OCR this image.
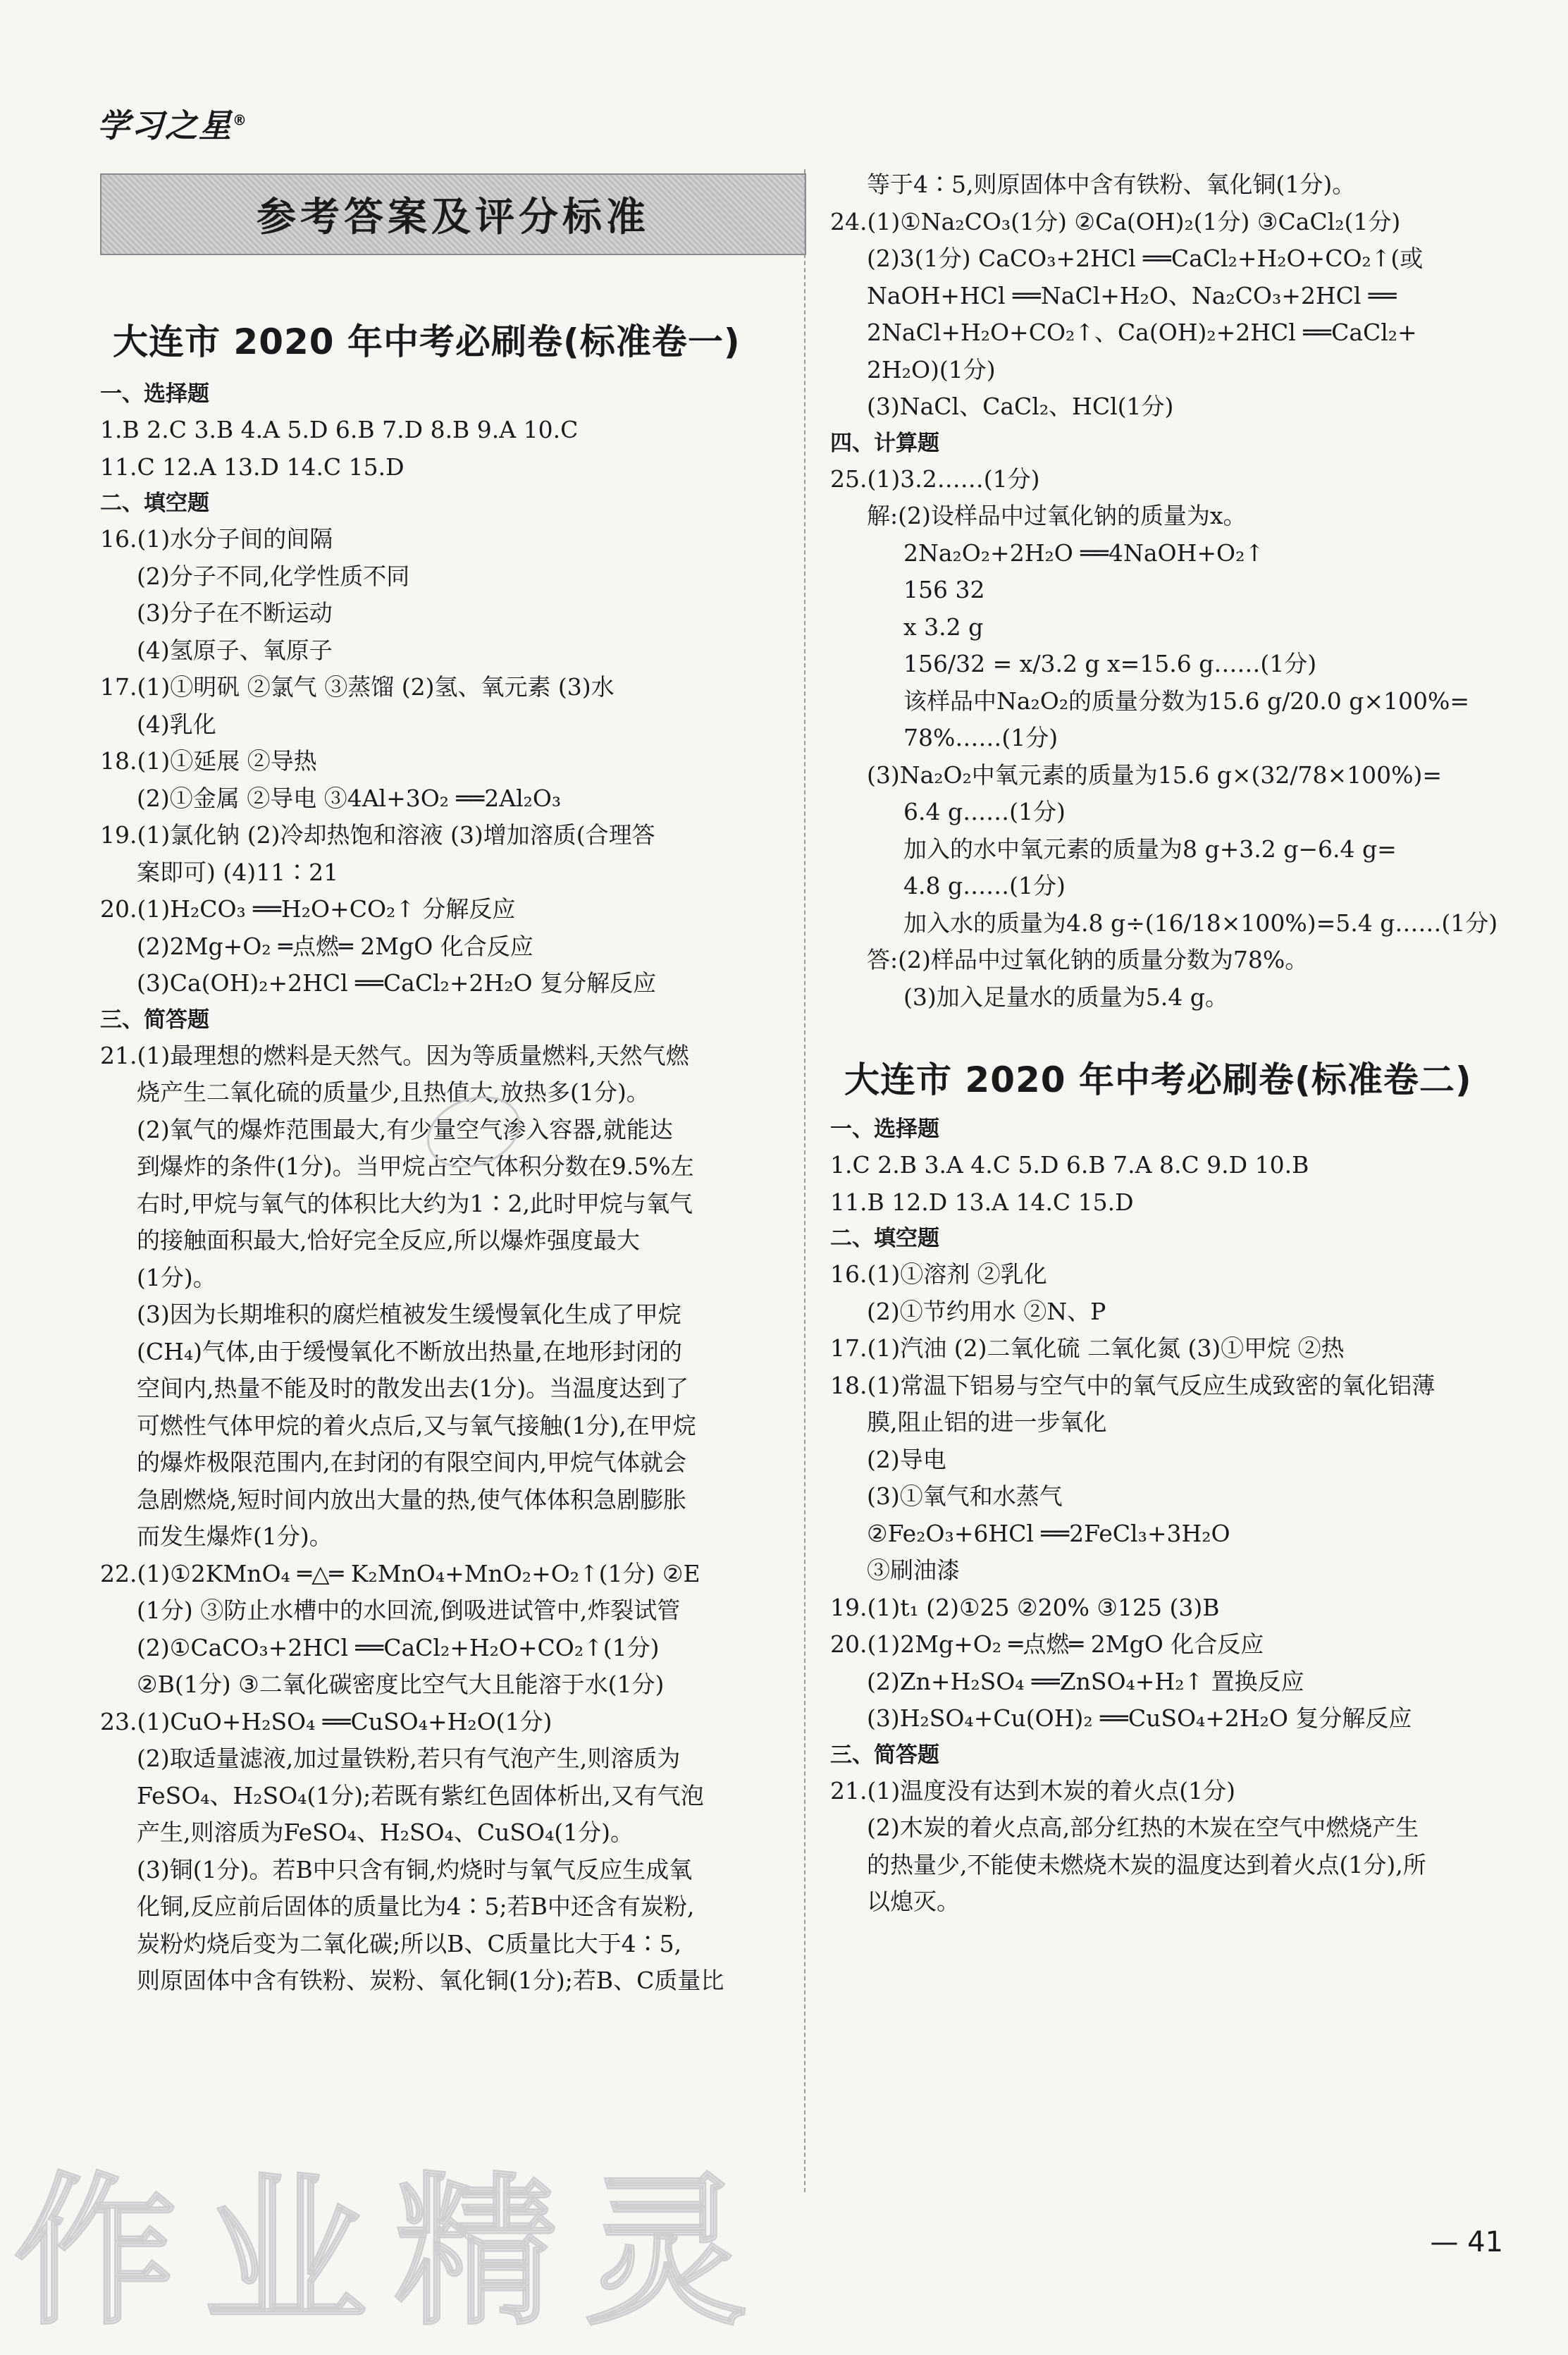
学习之星®
参考答案及评分标准
大连市 2020 年中考必刷卷(标准卷一)
一、选择题
1.B 2.C 3.B 4.A 5.D 6.B 7.D 8.B 9.A 10.C
11.C 12.A 13.D 14.C 15.D
二、填空题
16.(1)水分子间的间隔
(2)分子不同,化学性质不同
(3)分子在不断运动
(4)氢原子、氧原子
17.(1)①明矾 ②氯气 ③蒸馏 (2)氢、氧元素 (3)水
(4)乳化
18.(1)①延展 ②导热
(2)①金属 ②导电 ③4Al+3O₂ ══2Al₂O₃
19.(1)氯化钠 (2)冷却热饱和溶液 (3)增加溶质(合理答
案即可) (4)11∶21
20.(1)H₂CO₃ ══H₂O+CO₂↑ 分解反应
(2)2Mg+O₂ ═点燃═ 2MgO 化合反应
(3)Ca(OH)₂+2HCl ══CaCl₂+2H₂O 复分解反应
三、简答题
21.(1)最理想的燃料是天然气。因为等质量燃料,天然气燃
烧产生二氧化硫的质量少,且热值大,放热多(1分)。
(2)氧气的爆炸范围最大,有少量空气渗入容器,就能达
到爆炸的条件(1分)。当甲烷占空气体积分数在9.5%左
右时,甲烷与氧气的体积比大约为1∶2,此时甲烷与氧气
的接触面积最大,恰好完全反应,所以爆炸强度最大
(1分)。
(3)因为长期堆积的腐烂植被发生缓慢氧化生成了甲烷
(CH₄)气体,由于缓慢氧化不断放出热量,在地形封闭的
空间内,热量不能及时的散发出去(1分)。当温度达到了
可燃性气体甲烷的着火点后,又与氧气接触(1分),在甲烷
的爆炸极限范围内,在封闭的有限空间内,甲烷气体就会
急剧燃烧,短时间内放出大量的热,使气体体积急剧膨胀
而发生爆炸(1分)。
22.(1)①2KMnO₄ ═△═ K₂MnO₄+MnO₂+O₂↑(1分) ②E
(1分) ③防止水槽中的水回流,倒吸进试管中,炸裂试管
(2)①CaCO₃+2HCl ══CaCl₂+H₂O+CO₂↑(1分)
②B(1分) ③二氧化碳密度比空气大且能溶于水(1分)
23.(1)CuO+H₂SO₄ ══CuSO₄+H₂O(1分)
(2)取适量滤液,加过量铁粉,若只有气泡产生,则溶质为
FeSO₄、H₂SO₄(1分);若既有紫红色固体析出,又有气泡
产生,则溶质为FeSO₄、H₂SO₄、CuSO₄(1分)。
(3)铜(1分)。若B中只含有铜,灼烧时与氧气反应生成氧
化铜,反应前后固体的质量比为4∶5;若B中还含有炭粉,
炭粉灼烧后变为二氧化碳;所以B、C质量比大于4∶5,
则原固体中含有铁粉、炭粉、氧化铜(1分);若B、C质量比
等于4∶5,则原固体中含有铁粉、氧化铜(1分)。
24.(1)①Na₂CO₃(1分) ②Ca(OH)₂(1分) ③CaCl₂(1分)
(2)3(1分) CaCO₃+2HCl ══CaCl₂+H₂O+CO₂↑(或
NaOH+HCl ══NaCl+H₂O、Na₂CO₃+2HCl ══
2NaCl+H₂O+CO₂↑、Ca(OH)₂+2HCl ══CaCl₂+
2H₂O)(1分)
(3)NaCl、CaCl₂、HCl(1分)
四、计算题
25.(1)3.2……(1分)
解:(2)设样品中过氧化钠的质量为x。
2Na₂O₂+2H₂O ══4NaOH+O₂↑
156 32
x 3.2 g
156/32 = x/3.2 g x=15.6 g……(1分)
该样品中Na₂O₂的质量分数为15.6 g/20.0 g×100%=
78%……(1分)
(3)Na₂O₂中氧元素的质量为15.6 g×(32/78×100%)=
6.4 g……(1分)
加入的水中氧元素的质量为8 g+3.2 g−6.4 g=
4.8 g……(1分)
加入水的质量为4.8 g÷(16/18×100%)=5.4 g……(1分)
答:(2)样品中过氧化钠的质量分数为78%。
(3)加入足量水的质量为5.4 g。
大连市 2020 年中考必刷卷(标准卷二)
一、选择题
1.C 2.B 3.A 4.C 5.D 6.B 7.A 8.C 9.D 10.B
11.B 12.D 13.A 14.C 15.D
二、填空题
16.(1)①溶剂 ②乳化
(2)①节约用水 ②N、P
17.(1)汽油 (2)二氧化硫 二氧化氮 (3)①甲烷 ②热
18.(1)常温下铝易与空气中的氧气反应生成致密的氧化铝薄
膜,阻止铝的进一步氧化
(2)导电
(3)①氧气和水蒸气
②Fe₂O₃+6HCl ══2FeCl₃+3H₂O
③刷油漆
19.(1)t₁ (2)①25 ②20% ③125 (3)B
20.(1)2Mg+O₂ ═点燃═ 2MgO 化合反应
(2)Zn+H₂SO₄ ══ZnSO₄+H₂↑ 置换反应
(3)H₂SO₄+Cu(OH)₂ ══CuSO₄+2H₂O 复分解反应
三、简答题
21.(1)温度没有达到木炭的着火点(1分)
(2)木炭的着火点高,部分红热的木炭在空气中燃烧产生
的热量少,不能使未燃烧木炭的温度达到着火点(1分),所
以熄灭。
作业精灵	— 41
